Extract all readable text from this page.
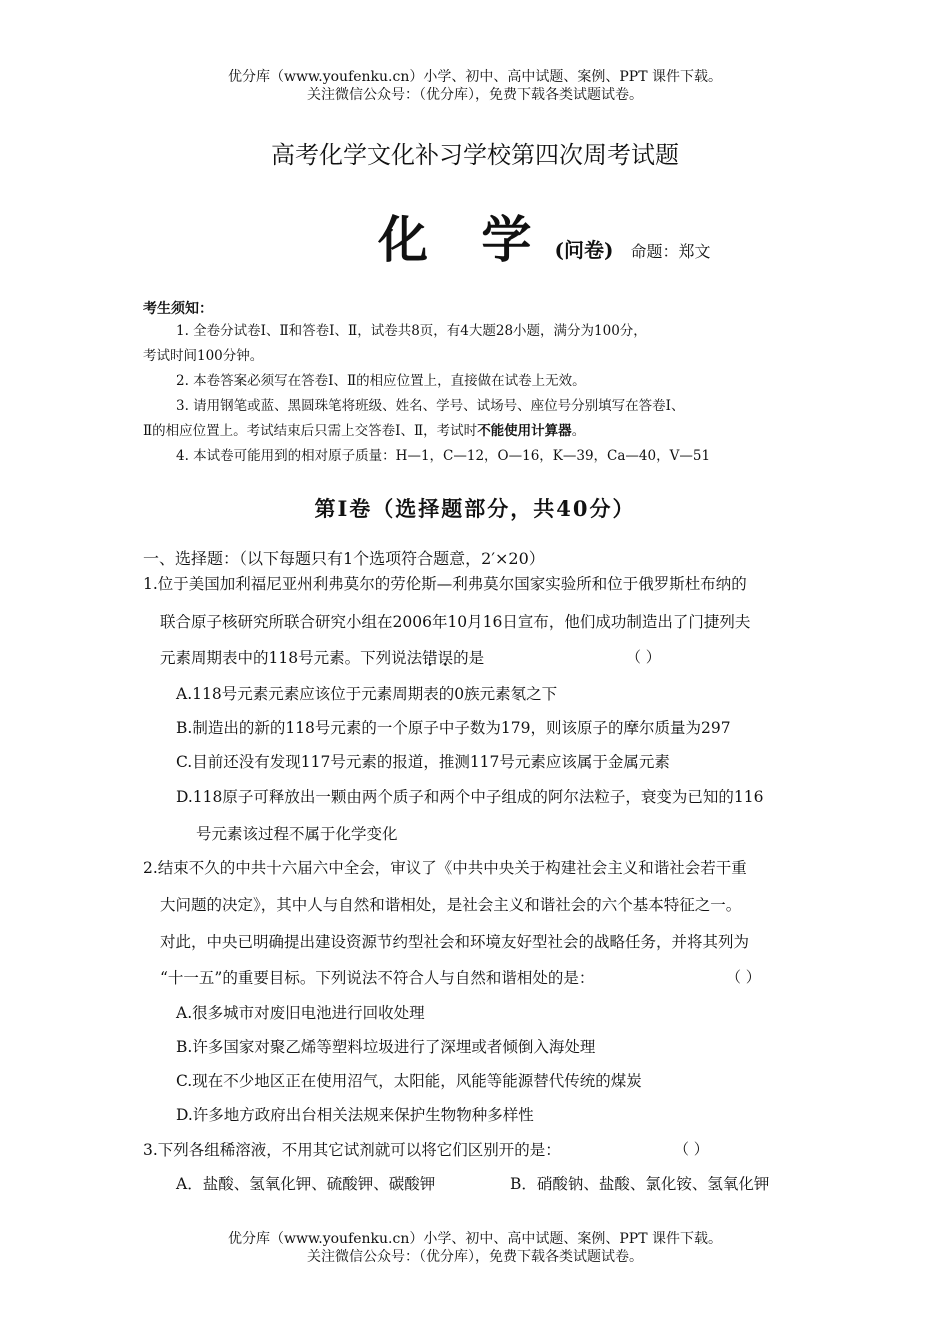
优分库（www.youfenku.cn）小学、初中、高中试题、案例、PPT 课件下载。
关注微信公众号：（优分库），免费下载各类试题试卷。
高考化学文化补习学校第四次周考试题
化 学 (问卷) 命题：郑文
考生须知：
1. 全卷分试卷Ⅰ、Ⅱ和答卷Ⅰ、Ⅱ，试卷共8页，有4大题28小题，满分为100分，
考试时间100分钟。
2. 本卷答案必须写在答卷Ⅰ、Ⅱ的相应位置上，直接做在试卷上无效。
3. 请用钢笔或蓝、黑圆珠笔将班级、姓名、学号、试场号、座位号分别填写在答卷Ⅰ、
Ⅱ的相应位置上。考试结束后只需上交答卷Ⅰ、Ⅱ，考试时不能使用计算器。
4. 本试卷可能用到的相对原子质量：H—1，C—12，O—16，K—39，Ca—40，V—51
第Ⅰ卷（选择题部分，共40分）
一、选择题：（以下每题只有1个选项符合题意，2′×20）
1.位于美国加利福尼亚州利弗莫尔的劳伦斯—利弗莫尔国家实验所和位于俄罗斯杜布纳的
联合原子核研究所联合研究小组在2006年10月16日宣布，他们成功制造出了门捷列夫
元素周期表中的118号元素。下列说法错误的是	（ ）
A.118号元素元素应该位于元素周期表的0族元素氡之下
B.制造出的新的118号元素的一个原子中子数为179，则该原子的摩尔质量为297
C.目前还没有发现117号元素的报道，推测117号元素应该属于金属元素
D.118原子可释放出一颗由两个质子和两个中子组成的阿尔法粒子，衰变为已知的116
号元素该过程不属于化学变化
2.结束不久的中共十六届六中全会，审议了《中共中央关于构建社会主义和谐社会若干重
大问题的决定》，其中人与自然和谐相处，是社会主义和谐社会的六个基本特征之一。
对此，中央已明确提出建设资源节约型社会和环境友好型社会的战略任务，并将其列为
“十一五”的重要目标。下列说法不符合人与自然和谐相处的是：	（ ）
A.很多城市对废旧电池进行回收处理
B.许多国家对聚乙烯等塑料垃圾进行了深埋或者倾倒入海处理
C.现在不少地区正在使用沼气，太阳能，风能等能源替代传统的煤炭
D.许多地方政府出台相关法规来保护生物物种多样性
3.下列各组稀溶液，不用其它试剂就可以将它们区别开的是：	（ ）
A．盐酸、氢氧化钾、硫酸钾、碳酸钾	B．硝酸钠、盐酸、氯化铵、氢氧化钾
优分库（www.youfenku.cn）小学、初中、高中试题、案例、PPT 课件下载。
关注微信公众号：（优分库），免费下载各类试题试卷。
